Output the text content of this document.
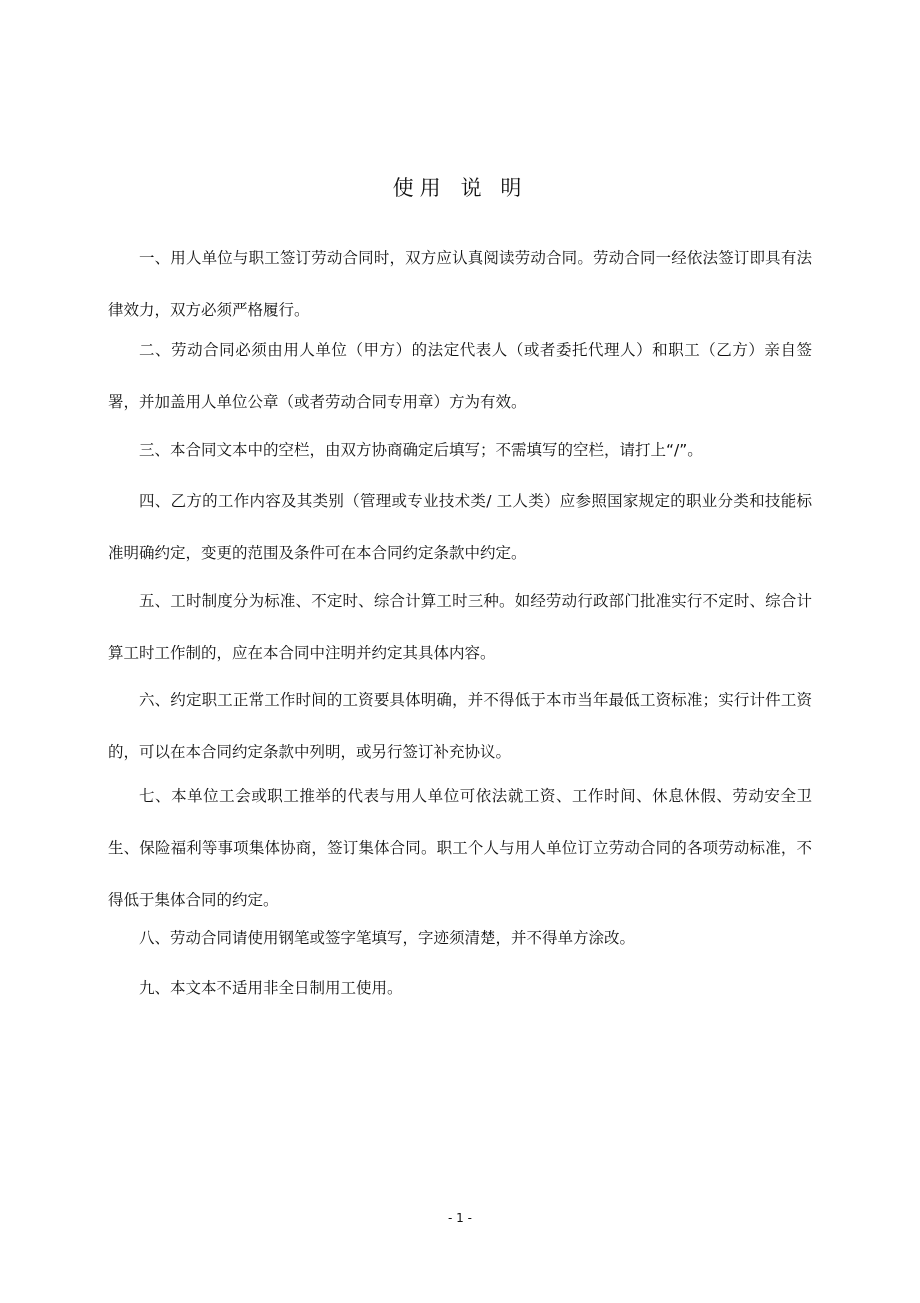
使用 说 明

一、用人单位与职工签订劳动合同时，双方应认真阅读劳动合同。劳动合同一经依法签订即具有法律效力，双方必须严格履行。

二、劳动合同必须由用人单位（甲方）的法定代表人（或者委托代理人）和职工（乙方）亲自签署，并加盖用人单位公章（或者劳动合同专用章）方为有效。

三、本合同文本中的空栏，由双方协商确定后填写；不需填写的空栏，请打上“/”。

四、乙方的工作内容及其类别（管理或专业技术类/ 工人类）应参照国家规定的职业分类和技能标准明确约定，变更的范围及条件可在本合同约定条款中约定。

五、工时制度分为标准、不定时、综合计算工时三种。如经劳动行政部门批准实行不定时、综合计算工时工作制的，应在本合同中注明并约定其具体内容。

六、约定职工正常工作时间的工资要具体明确，并不得低于本市当年最低工资标准；实行计件工资的，可以在本合同约定条款中列明，或另行签订补充协议。

七、本单位工会或职工推举的代表与用人单位可依法就工资、工作时间、休息休假、劳动安全卫生、保险福利等事项集体协商，签订集体合同。职工个人与用人单位订立劳动合同的各项劳动标准，不得低于集体合同的约定。

八、劳动合同请使用钢笔或签字笔填写，字迹须清楚，并不得单方涂改。

九、本文本不适用非全日制用工使用。

- 1 -
